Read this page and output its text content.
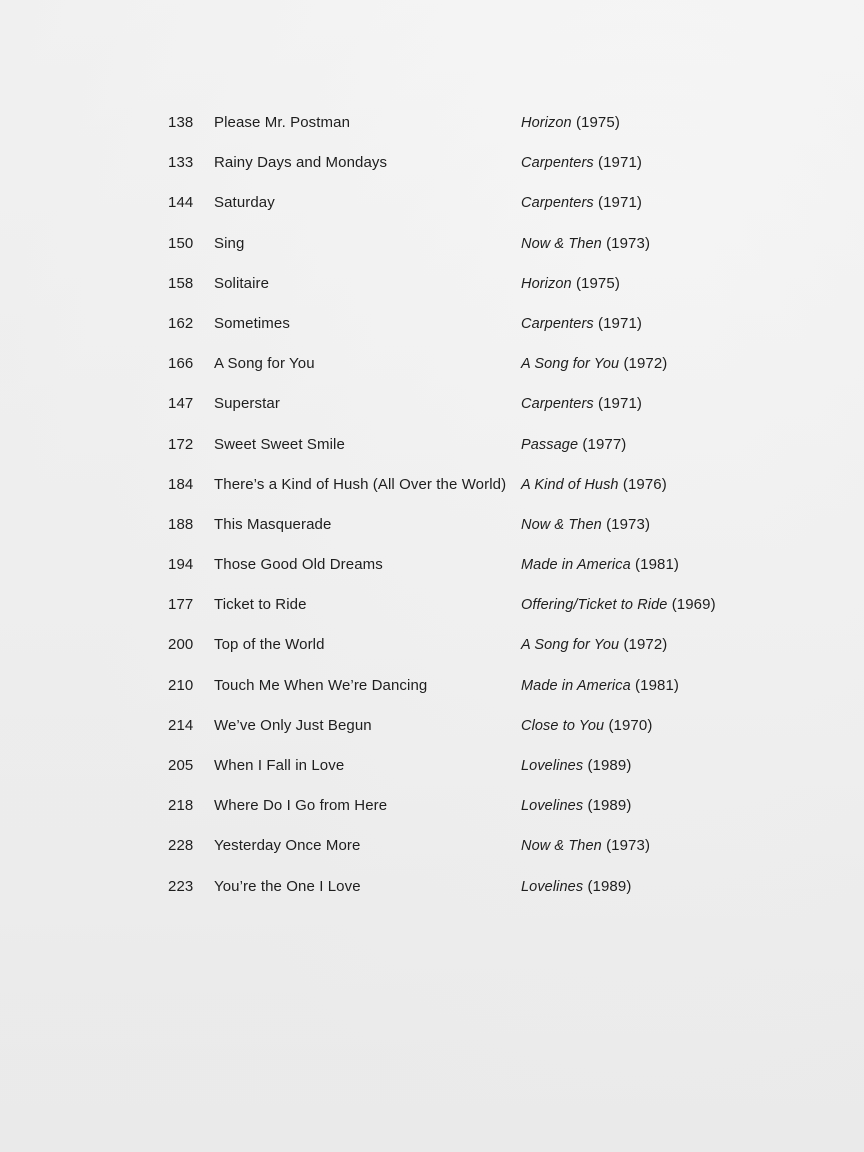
138	Please Mr. Postman	Horizon (1975)
133	Rainy Days and Mondays	Carpenters (1971)
144	Saturday	Carpenters (1971)
150	Sing	Now & Then (1973)
158	Solitaire	Horizon (1975)
162	Sometimes	Carpenters (1971)
166	A Song for You	A Song for You (1972)
147	Superstar	Carpenters (1971)
172	Sweet Sweet Smile	Passage (1977)
184	There’s a Kind of Hush (All Over the World)	A Kind of Hush (1976)
188	This Masquerade	Now & Then (1973)
194	Those Good Old Dreams	Made in America (1981)
177	Ticket to Ride	Offering/Ticket to Ride (1969)
200	Top of the World	A Song for You (1972)
210	Touch Me When We’re Dancing	Made in America (1981)
214	We’ve Only Just Begun	Close to You (1970)
205	When I Fall in Love	Lovelines (1989)
218	Where Do I Go from Here	Lovelines (1989)
228	Yesterday Once More	Now & Then (1973)
223	You’re the One I Love	Lovelines (1989)
